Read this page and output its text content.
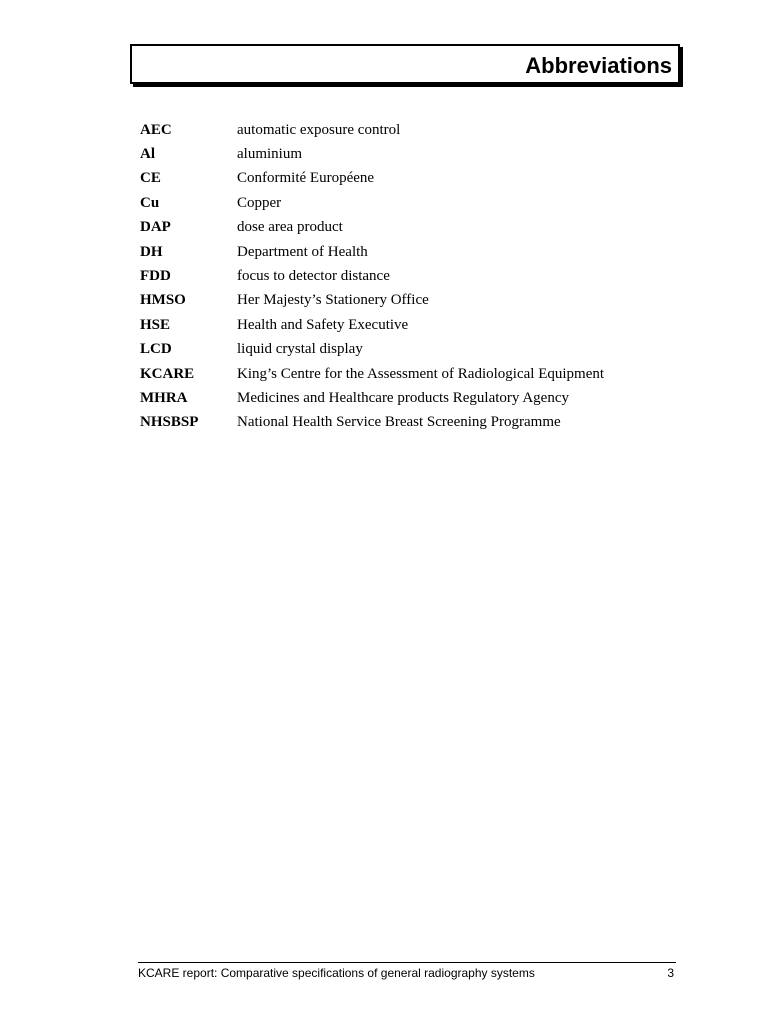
Abbreviations
AEC	automatic exposure control
Al	aluminium
CE	Conformité Européene
Cu	Copper
DAP	dose area product
DH	Department of Health
FDD	focus to detector distance
HMSO	Her Majesty’s Stationery Office
HSE	Health and Safety Executive
LCD	liquid crystal display
KCARE	King’s Centre for the Assessment of Radiological Equipment
MHRA	Medicines and Healthcare products Regulatory Agency
NHSBSP	National Health Service Breast Screening Programme
KCARE report: Comparative specifications of general radiography systems	3
